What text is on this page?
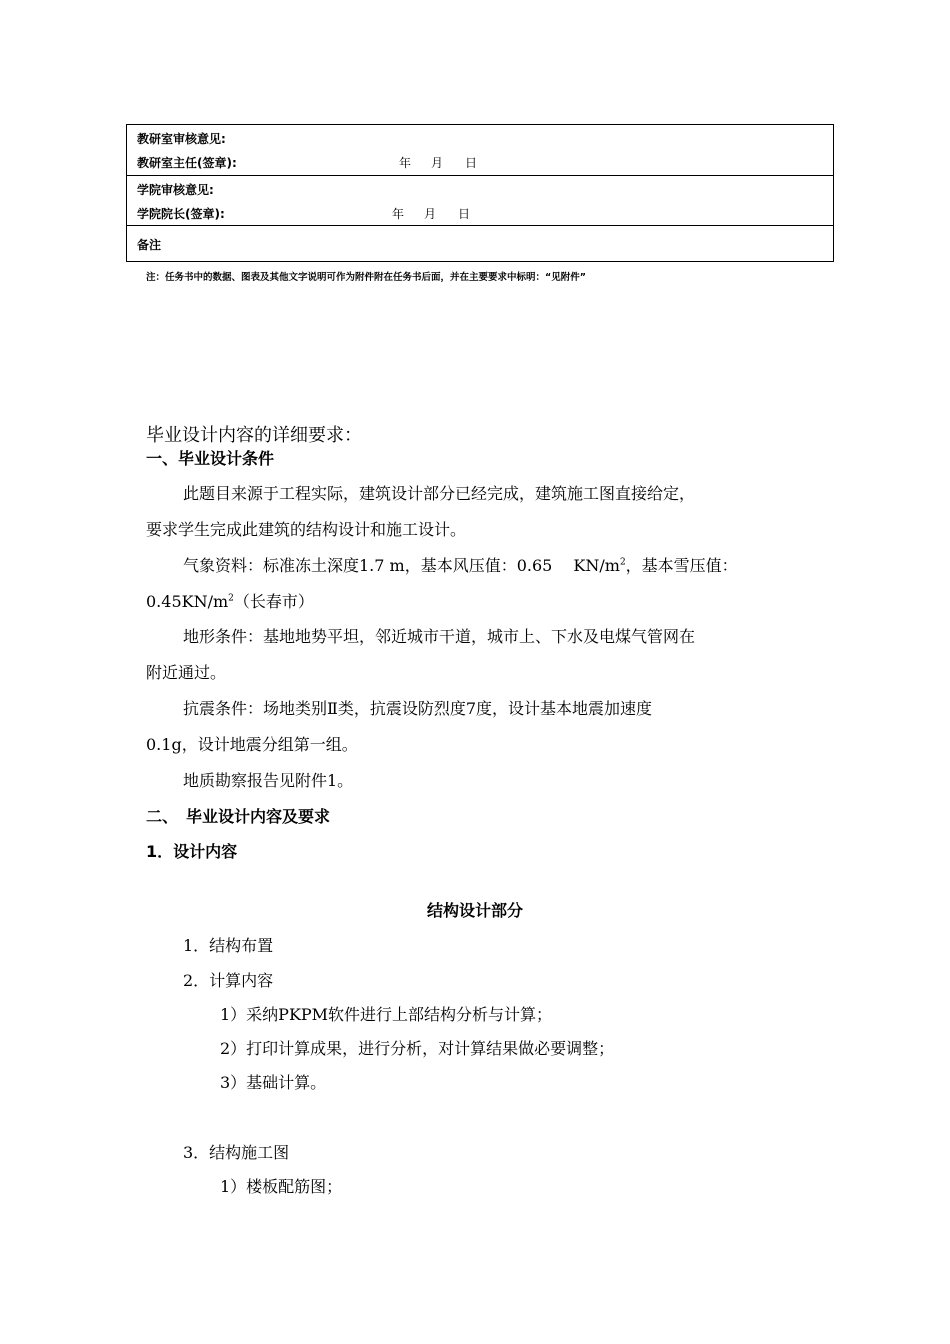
教研室审核意见:
教研室主任(签章):	年 月 日
学院审核意见:
学院院长(签章):	年 月 日
备注
注：任务书中的数据、图表及其他文字说明可作为附件附在任务书后面，并在主要要求中标明：“见附件”
毕业设计内容的详细要求：
一、毕业设计条件
此题目来源于工程实际，建筑设计部分已经完成，建筑施工图直接给定，
要求学生完成此建筑的结构设计和施工设计。
气象资料：标准冻土深度1.7 m，基本风压值：0.65　 $KN/m^2$，基本雪压值：
$0.45KN/m^2$（长春市）
地形条件：基地地势平坦，邻近城市干道，城市上、下水及电煤气管网在
附近通过。
抗震条件：场地类别Ⅱ类，抗震设防烈度7度，设计基本地震加速度
0.1g，设计地震分组第一组。
地质勘察报告见附件1。
二、　毕业设计内容及要求
1．设计内容
结构设计部分
1．结构布置
2．计算内容
1）采纳PKPM软件进行上部结构分析与计算；
2）打印计算成果，进行分析，对计算结果做必要调整；
3）基础计算。
3．结构施工图
1）楼板配筋图；
